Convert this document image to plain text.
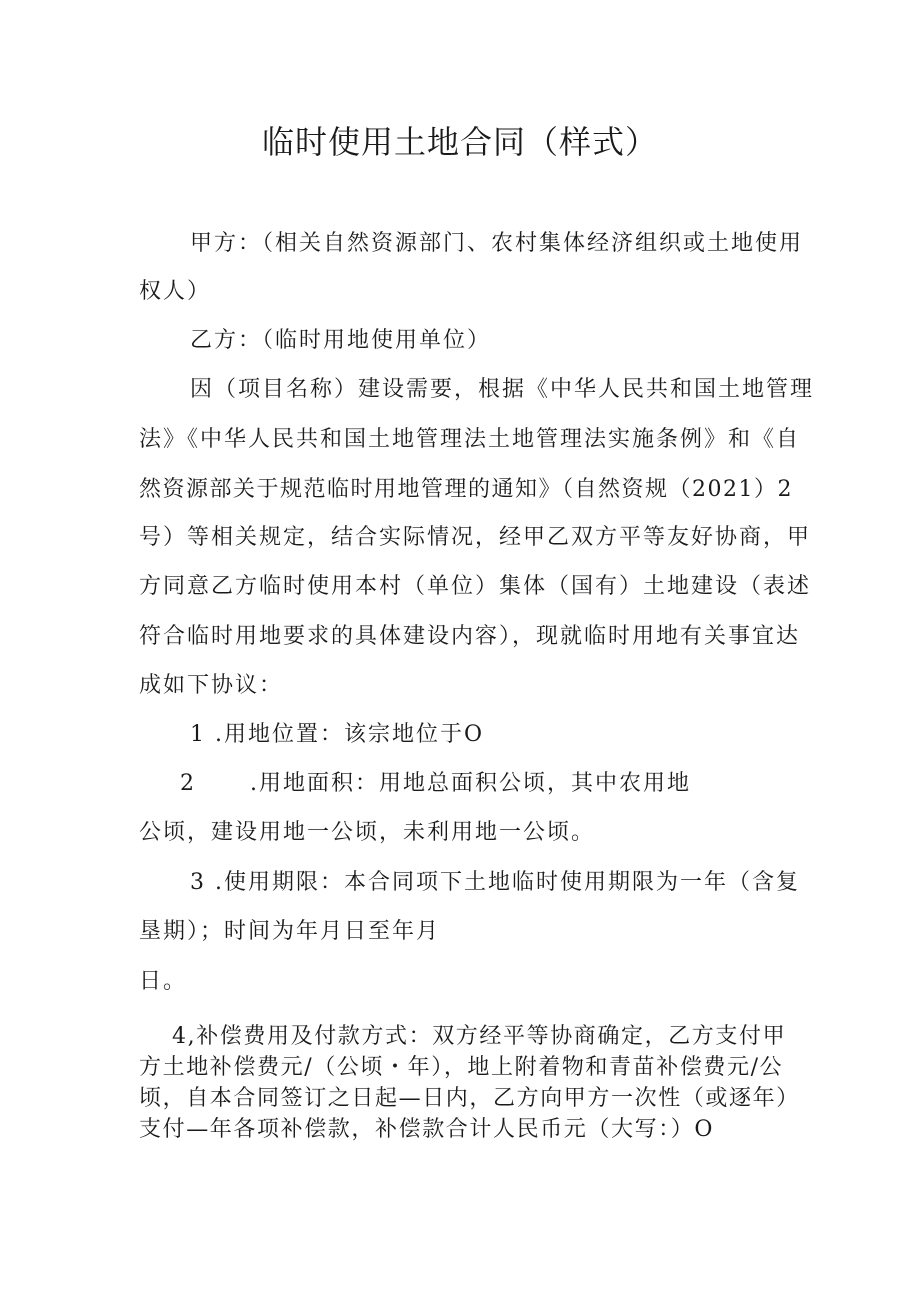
临时使用土地合同（样式）
甲方：（相关自然资源部门、农村集体经济组织或土地使用
权人）
乙方：（临时用地使用单位）
因（项目名称）建设需要，根据《中华人民共和国土地管理
法》《中华人民共和国土地管理法土地管理法实施条例》和《自
然资源部关于规范临时用地管理的通知》（自然资规（2021）2
号）等相关规定，结合实际情况，经甲乙双方平等友好协商，甲
方同意乙方临时使用本村（单位）集体（国有）土地建设（表述
符合临时用地要求的具体建设内容），现就临时用地有关事宜达
成如下协议：
1 .用地位置：该宗地位于O
2      .用地面积：用地总面积公顷，其中农用地
公顷，建设用地一公顷，未利用地一公顷。
3 .使用期限：本合同项下土地临时使用期限为一年（含复
垦期）；时间为年月日至年月
日。
4,补偿费用及付款方式：双方经平等协商确定，乙方支付甲
方土地补偿费元/（公顷・年），地上附着物和青苗补偿费元/公
顷，自本合同签订之日起—日内，乙方向甲方一次性（或逐年）
支付—年各项补偿款，补偿款合计人民币元（大写：）O
